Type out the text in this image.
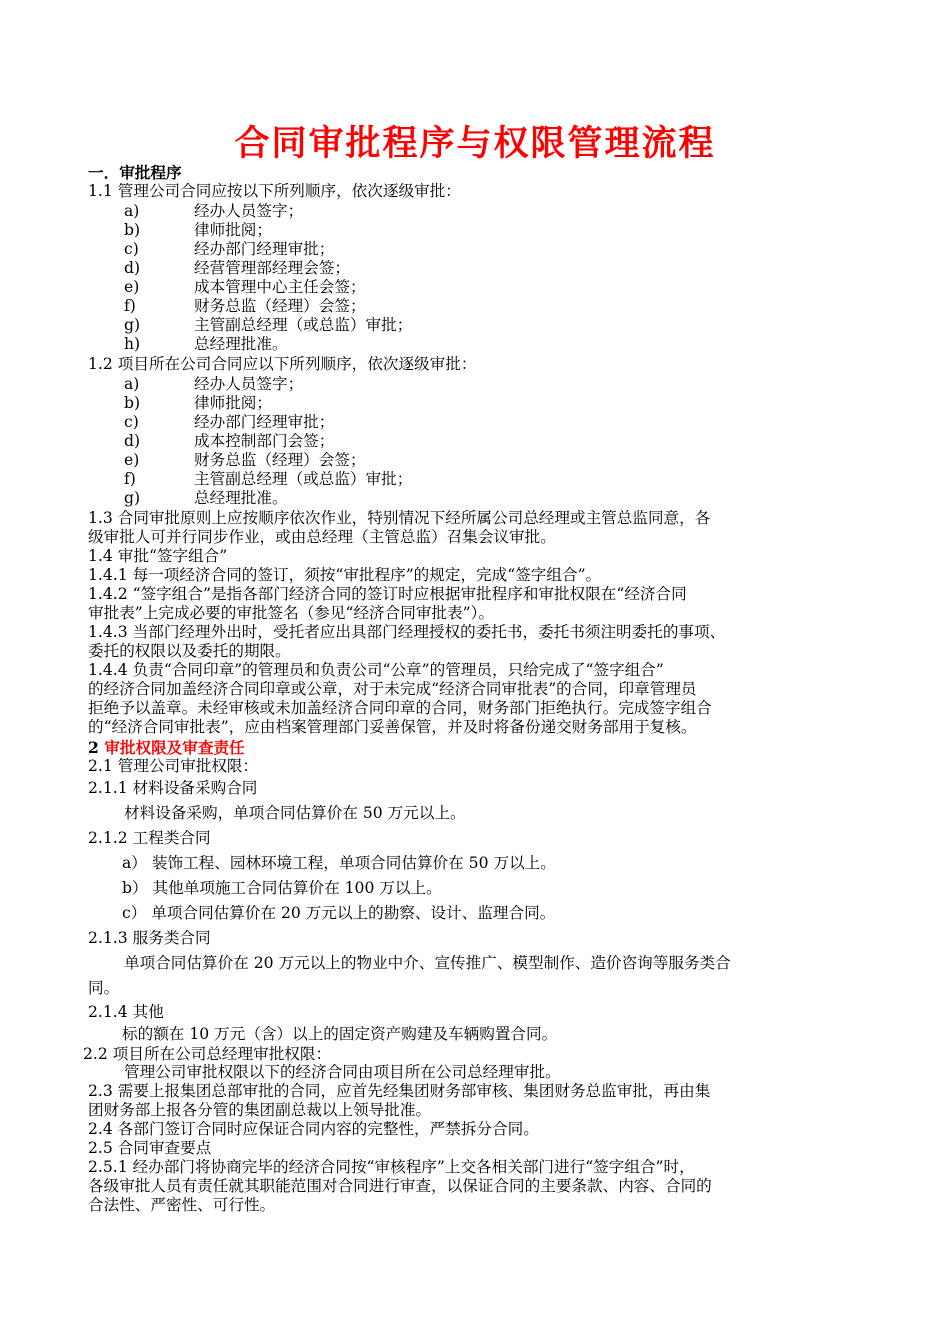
合同审批程序与权限管理流程
一．审批程序
1.1 管理公司合同应按以下所列顺序，依次逐级审批：
a)	经办人员签字；
b)	律师批阅；
c)	经办部门经理审批；
d)	经营管理部经理会签；
e)	成本管理中心主任会签；
f)	财务总监（经理）会签；
g)	主管副总经理（或总监）审批；
h)	总经理批准。
1.2 项目所在公司合同应以下所列顺序，依次逐级审批：
a)	经办人员签字；
b)	律师批阅；
c)	经办部门经理审批；
d)	成本控制部门会签；
e)	财务总监（经理）会签；
f)	主管副总经理（或总监）审批；
g)	总经理批准。
1.3 合同审批原则上应按顺序依次作业，特别情况下经所属公司总经理或主管总监同意，各
级审批人可并行同步作业，或由总经理（主管总监）召集会议审批。
1.4 审批“签字组合”
1.4.1 每一项经济合同的签订，须按“审批程序”的规定，完成“签字组合”。
1.4.2 “签字组合”是指各部门经济合同的签订时应根据审批程序和审批权限在“经济合同
审批表”上完成必要的审批签名（参见“经济合同审批表”）。
1.4.3 当部门经理外出时，受托者应出具部门经理授权的委托书，委托书须注明委托的事项、
委托的权限以及委托的期限。
1.4.4 负责“合同印章”的管理员和负责公司“公章”的管理员，只给完成了“签字组合”
的经济合同加盖经济合同印章或公章，对于未完成“经济合同审批表”的合同，印章管理员
拒绝予以盖章。未经审核或未加盖经济合同印章的合同，财务部门拒绝执行。完成签字组合
的“经济合同审批表”，应由档案管理部门妥善保管，并及时将备份递交财务部用于复核。
2 审批权限及审查责任
2.1 管理公司审批权限：
2.1.1 材料设备采购合同
材料设备采购，单项合同估算价在 50 万元以上。
2.1.2 工程类合同
a） 装饰工程、园林环境工程，单项合同估算价在 50 万以上。
b） 其他单项施工合同估算价在 100 万以上。
c） 单项合同估算价在 20 万元以上的勘察、设计、监理合同。
2.1.3 服务类合同
单项合同估算价在 20 万元以上的物业中介、宣传推广、模型制作、造价咨询等服务类合
同。
2.1.4 其他
标的额在 10 万元（含）以上的固定资产购建及车辆购置合同。
2.2 项目所在公司总经理审批权限：
管理公司审批权限以下的经济合同由项目所在公司总经理审批。
2.3 需要上报集团总部审批的合同，应首先经集团财务部审核、集团财务总监审批，再由集
团财务部上报各分管的集团副总裁以上领导批准。
2.4 各部门签订合同时应保证合同内容的完整性，严禁拆分合同。
2.5 合同审查要点
2.5.1 经办部门将协商完毕的经济合同按“审核程序”上交各相关部门进行“签字组合”时，
各级审批人员有责任就其职能范围对合同进行审查，以保证合同的主要条款、内容、合同的
合法性、严密性、可行性。
